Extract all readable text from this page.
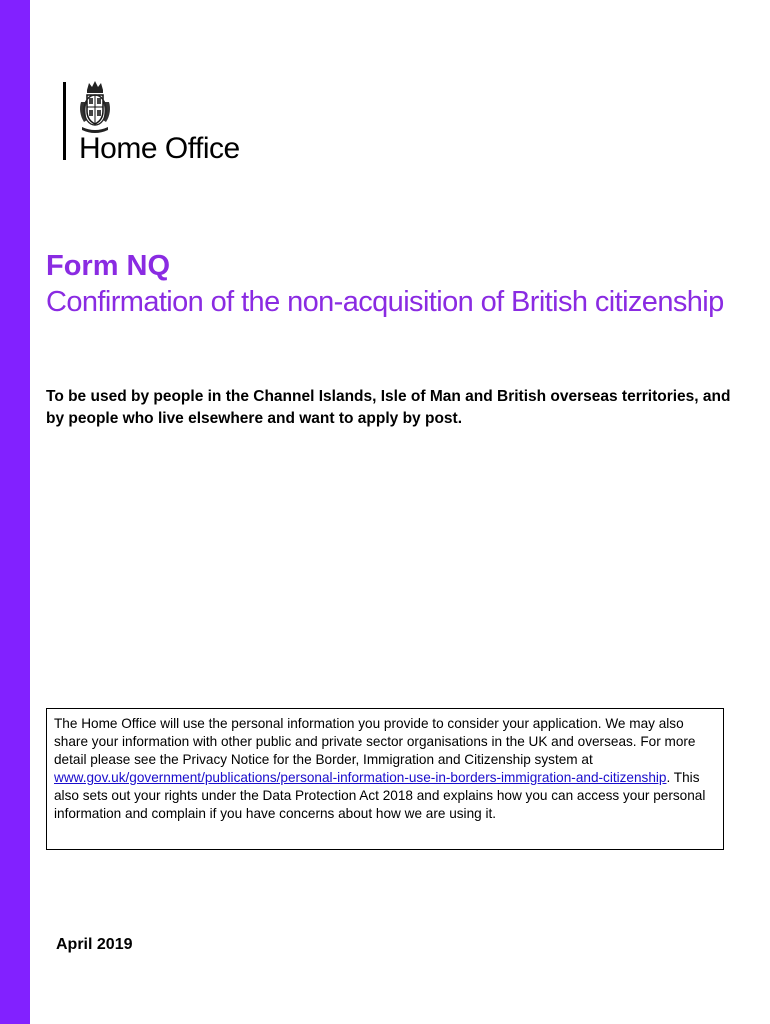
Home Office
Form NQ
Confirmation of the non-acquisition of British citizenship
To be used by people in the Channel Islands, Isle of Man and British overseas territories, and by people who live elsewhere and want to apply by post.
The Home Office will use the personal information you provide to consider your application. We may also share your information with other public and private sector organisations in the UK and overseas. For more detail please see the Privacy Notice for the Border, Immigration and Citizenship system at www.gov.uk/government/publications/personal-information-use-in-borders-immigration-and-citizenship. This also sets out your rights under the Data Protection Act 2018 and explains how you can access your personal information and complain if you have concerns about how we are using it.
April 2019
